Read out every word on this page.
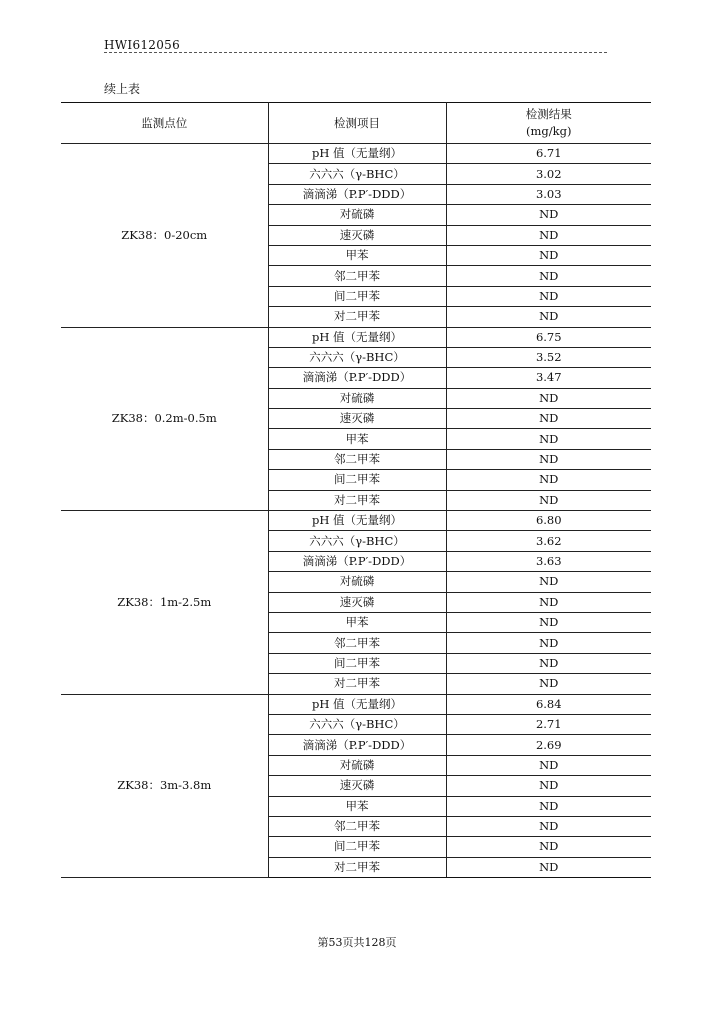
HWI612056
续上表
监测点位	检测项目	检测结果
(mg/kg)
ZK38：0-20cm	pH 值（无量纲）	6.71
	六六六（γ-BHC）	3.02
	滴滴涕（P.P′-DDD）	3.03
	对硫磷	ND
	速灭磷	ND
	甲苯	ND
	邻二甲苯	ND
	间二甲苯	ND
	对二甲苯	ND
ZK38：0.2m-0.5m	pH 值（无量纲）	6.75
	六六六（γ-BHC）	3.52
	滴滴涕（P.P′-DDD）	3.47
	对硫磷	ND
	速灭磷	ND
	甲苯	ND
	邻二甲苯	ND
	间二甲苯	ND
	对二甲苯	ND
ZK38：1m-2.5m	pH 值（无量纲）	6.80
	六六六（γ-BHC）	3.62
	滴滴涕（P.P′-DDD）	3.63
	对硫磷	ND
	速灭磷	ND
	甲苯	ND
	邻二甲苯	ND
	间二甲苯	ND
	对二甲苯	ND
ZK38：3m-3.8m	pH 值（无量纲）	6.84
	六六六（γ-BHC）	2.71
	滴滴涕（P.P′-DDD）	2.69
	对硫磷	ND
	速灭磷	ND
	甲苯	ND
	邻二甲苯	ND
	间二甲苯	ND
	对二甲苯	ND
第53页共128页
